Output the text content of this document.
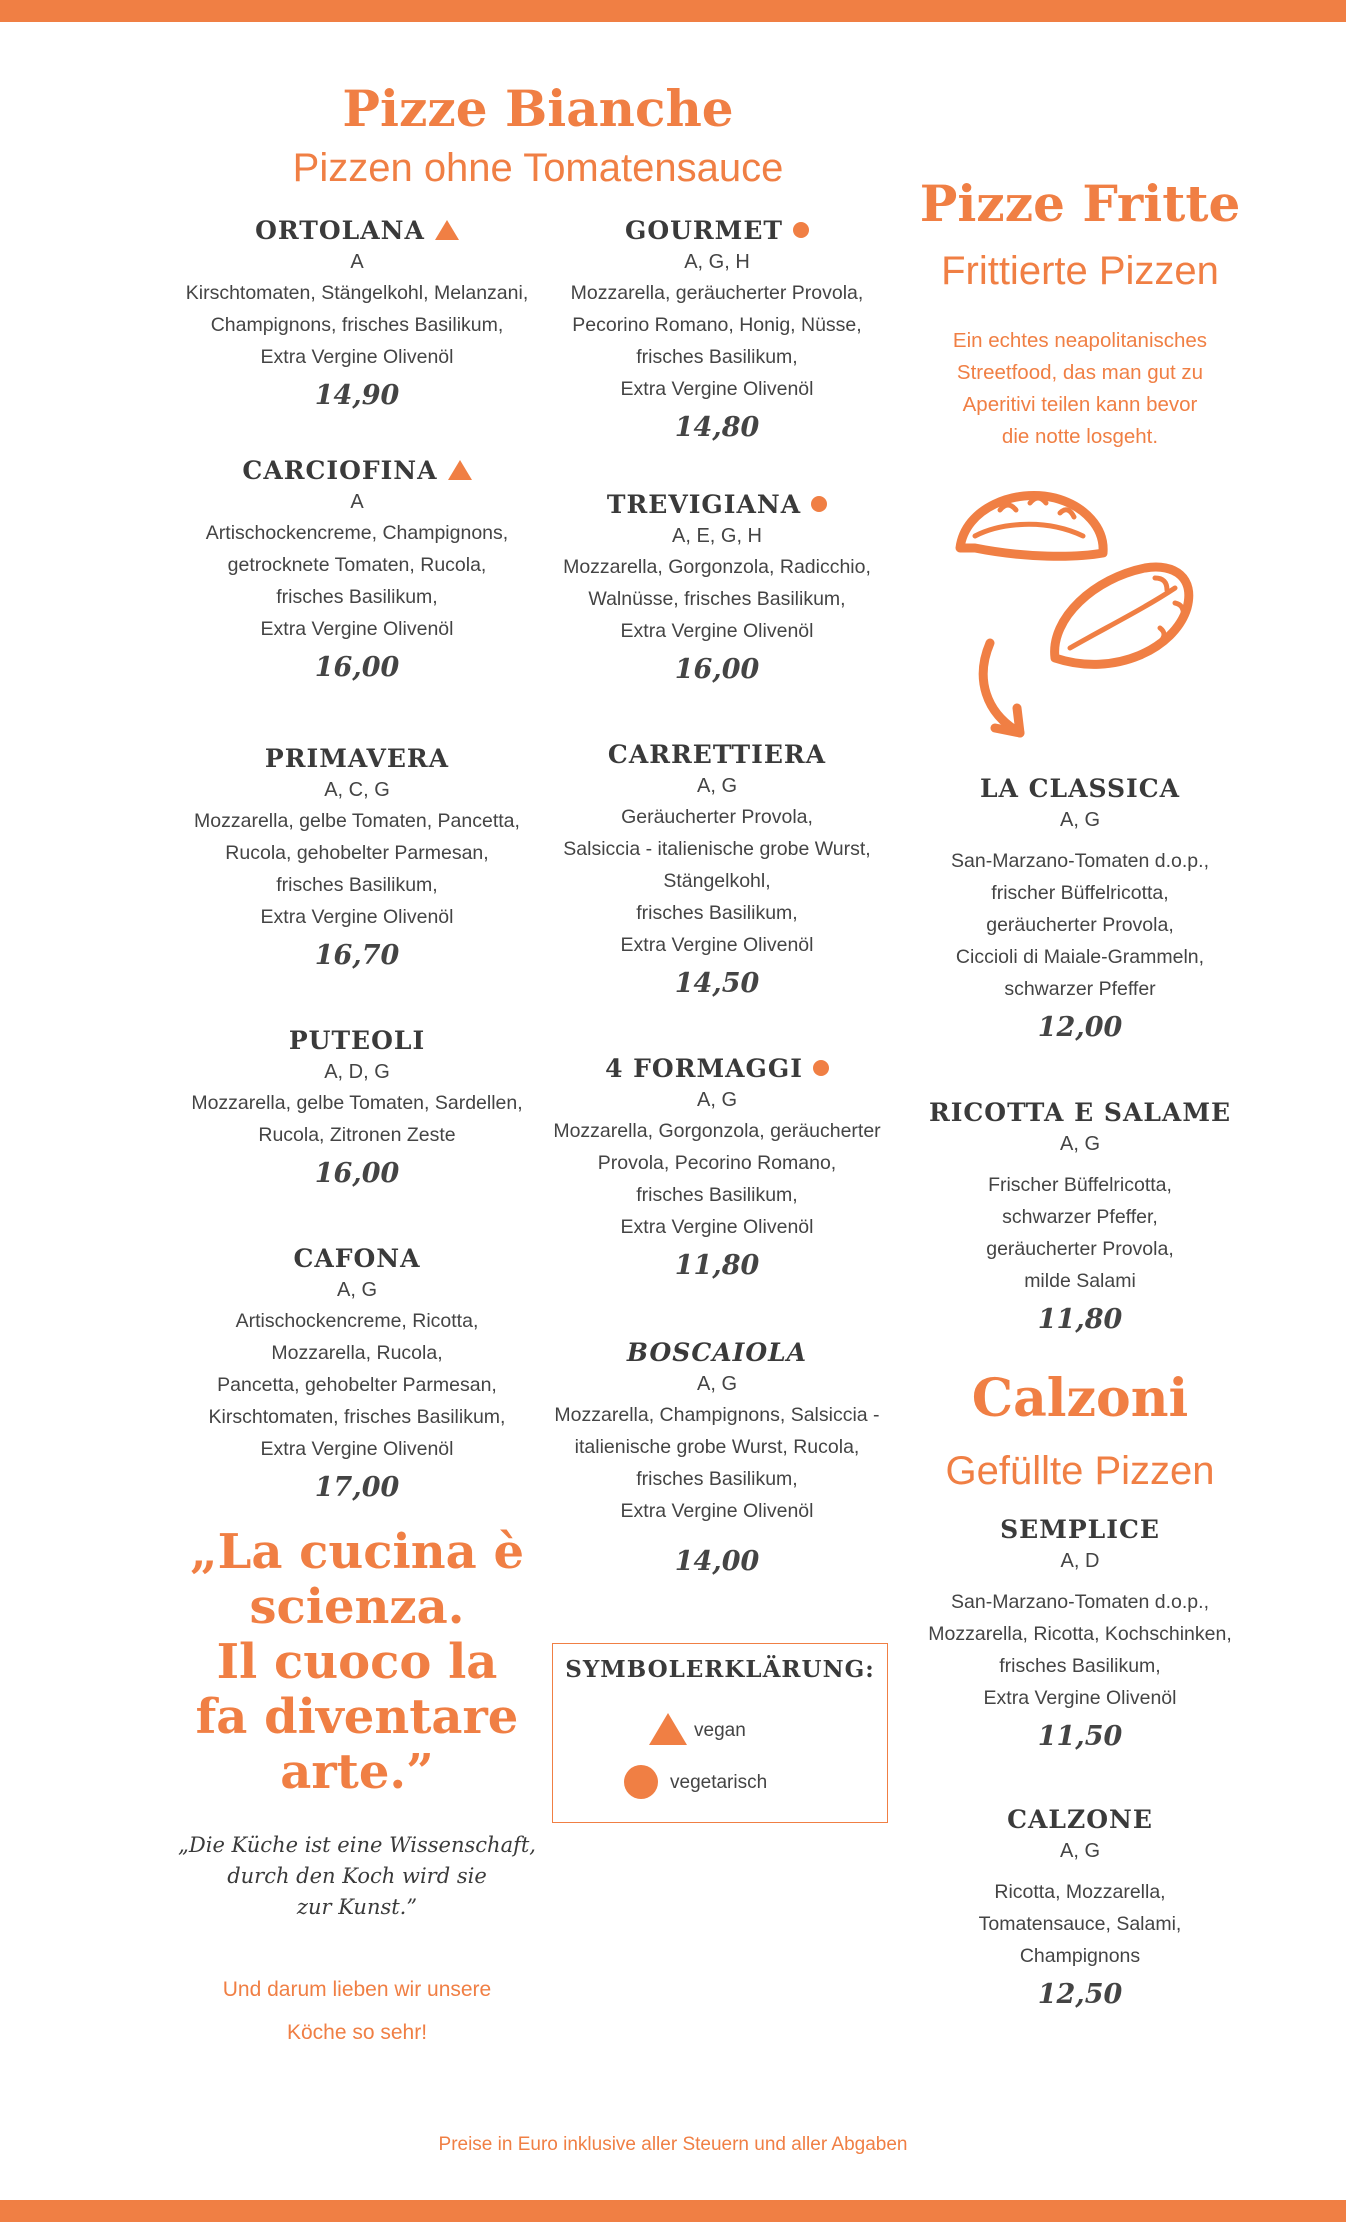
Pizze Bianche
Pizzen ohne Tomatensauce
ORTOLANA
A
Kirschtomaten, Stängelkohl, Melanzani,
Champignons, frisches Basilikum,
Extra Vergine Olivenöl
14,90
CARCIOFINA
A
Artischockencreme, Champignons,
getrocknete Tomaten, Rucola,
frisches Basilikum,
Extra Vergine Olivenöl
16,00
PRIMAVERA
A, C, G
Mozzarella, gelbe Tomaten, Pancetta,
Rucola, gehobelter Parmesan,
frisches Basilikum,
Extra Vergine Olivenöl
16,70
PUTEOLI
A, D, G
Mozzarella, gelbe Tomaten, Sardellen,
Rucola, Zitronen Zeste
16,00
CAFONA
A, G
Artischockencreme, Ricotta,
Mozzarella, Rucola,
Pancetta, gehobelter Parmesan,
Kirschtomaten, frisches Basilikum,
Extra Vergine Olivenöl
17,00
GOURMET
A, G, H
Mozzarella, geräucherter Provola,
Pecorino Romano, Honig, Nüsse,
frisches Basilikum,
Extra Vergine Olivenöl
14,80
TREVIGIANA
A, E, G, H
Mozzarella, Gorgonzola, Radicchio,
Walnüsse, frisches Basilikum,
Extra Vergine Olivenöl
16,00
CARRETTIERA
A, G
Geräucherter Provola,
Salsiccia - italienische grobe Wurst,
Stängelkohl,
frisches Basilikum,
Extra Vergine Olivenöl
14,50
4 FORMAGGI
A, G
Mozzarella, Gorgonzola, geräucherter
Provola, Pecorino Romano,
frisches Basilikum,
Extra Vergine Olivenöl
11,80
BOSCAIOLA
A, G
Mozzarella, Champignons, Salsiccia -
italienische grobe Wurst, Rucola,
frisches Basilikum,
Extra Vergine Olivenöl
14,00
„La cucina è
scienza.
Il cuoco la
fa diventare
arte.”
„Die Küche ist eine Wissenschaft,
durch den Koch wird sie
zur Kunst.”
Und darum lieben wir unsere
Köche so sehr!
SYMBOLERKLÄRUNG:
vegan
vegetarisch
Pizze Fritte
Frittierte Pizzen
Ein echtes neapolitanisches
Streetfood, das man gut zu
Aperitivi teilen kann bevor
die notte losgeht.
LA CLASSICA
A, G
San-Marzano-Tomaten d.o.p.,
frischer Büffelricotta,
geräucherter Provola,
Ciccioli di Maiale-Grammeln,
schwarzer Pfeffer
12,00
RICOTTA E SALAME
A, G
Frischer Büffelricotta,
schwarzer Pfeffer,
geräucherter Provola,
milde Salami
11,80
Calzoni
Gefüllte Pizzen
SEMPLICE
A, D
San-Marzano-Tomaten d.o.p.,
Mozzarella, Ricotta, Kochschinken,
frisches Basilikum,
Extra Vergine Olivenöl
11,50
CALZONE
A, G
Ricotta, Mozzarella,
Tomatensauce, Salami,
Champignons
12,50
Preise in Euro inklusive aller Steuern und aller Abgaben
